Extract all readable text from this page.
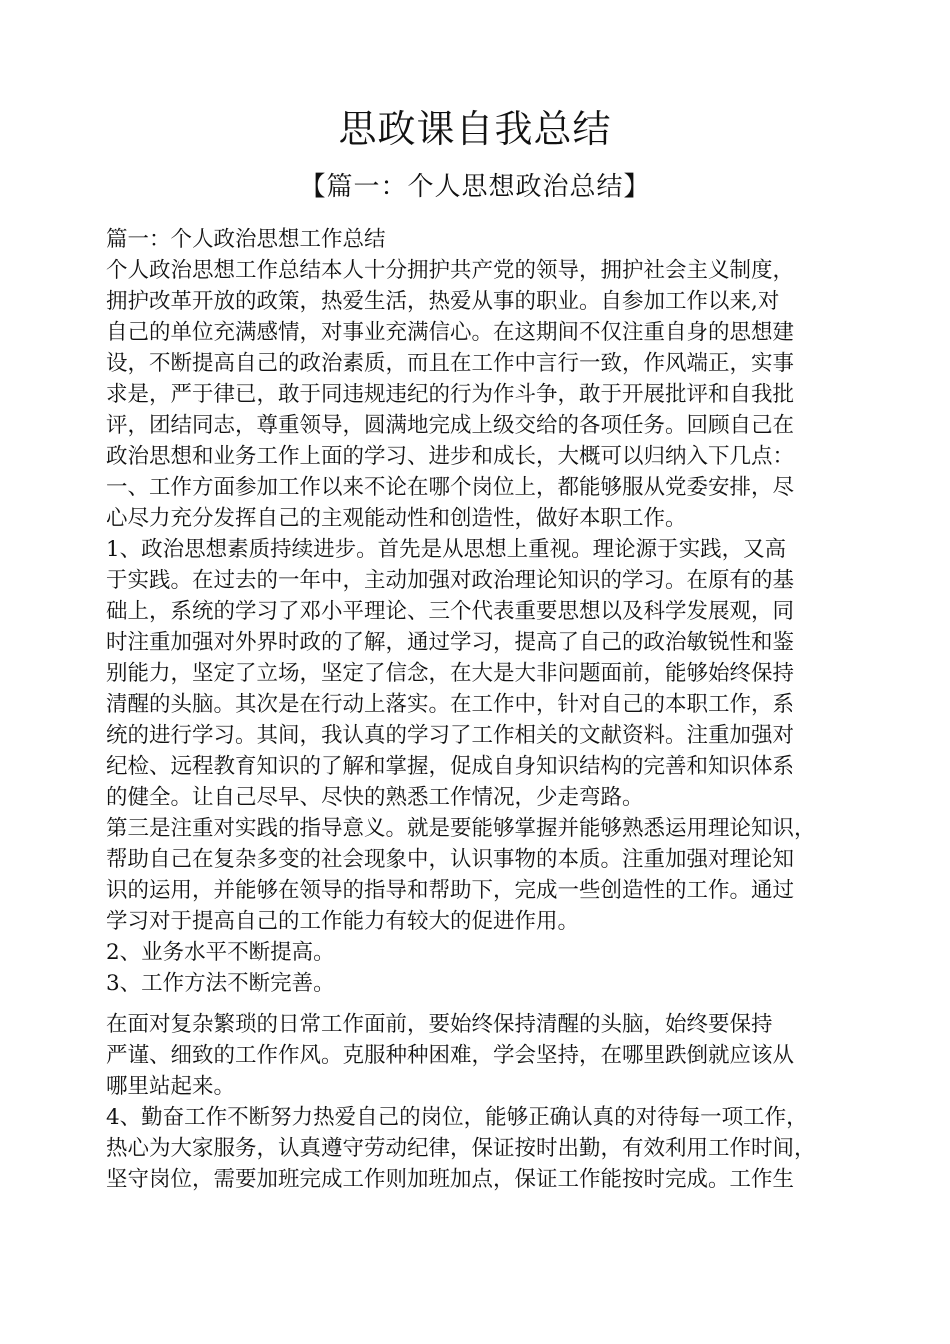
思政课自我总结
【篇一：个人思想政治总结】
篇一：个人政治思想工作总结
个人政治思想工作总结本人十分拥护共产党的领导，拥护社会主义制度，
拥护改革开放的政策，热爱生活，热爱从事的职业。自参加工作以来,对
自己的单位充满感情，对事业充满信心。在这期间不仅注重自身的思想建
设，不断提高自己的政治素质，而且在工作中言行一致，作风端正，实事
求是，严于律已，敢于同违规违纪的行为作斗争，敢于开展批评和自我批
评，团结同志，尊重领导，圆满地完成上级交给的各项任务。回顾自己在
政治思想和业务工作上面的学习、进步和成长，大概可以归纳入下几点：
一、工作方面参加工作以来不论在哪个岗位上，都能够服从党委安排，尽
心尽力充分发挥自己的主观能动性和创造性，做好本职工作。
1、政治思想素质持续进步。首先是从思想上重视。理论源于实践，又高
于实践。在过去的一年中，主动加强对政治理论知识的学习。在原有的基
础上，系统的学习了邓小平理论、三个代表重要思想以及科学发展观，同
时注重加强对外界时政的了解，通过学习，提高了自己的政治敏锐性和鉴
别能力，坚定了立场，坚定了信念，在大是大非问题面前，能够始终保持
清醒的头脑。其次是在行动上落实。在工作中，针对自己的本职工作，系
统的进行学习。其间，我认真的学习了工作相关的文献资料。注重加强对
纪检、远程教育知识的了解和掌握，促成自身知识结构的完善和知识体系
的健全。让自己尽早、尽快的熟悉工作情况，少走弯路。
第三是注重对实践的指导意义。就是要能够掌握并能够熟悉运用理论知识，
帮助自己在复杂多变的社会现象中，认识事物的本质。注重加强对理论知
识的运用，并能够在领导的指导和帮助下，完成一些创造性的工作。通过
学习对于提高自己的工作能力有较大的促进作用。
2、业务水平不断提高。
3、工作方法不断完善。
在面对复杂繁琐的日常工作面前，要始终保持清醒的头脑，始终要保持
严谨、细致的工作作风。克服种种困难，学会坚持，在哪里跌倒就应该从
哪里站起来。
4、勤奋工作不断努力热爱自己的岗位，能够正确认真的对待每一项工作，
热心为大家服务，认真遵守劳动纪律，保证按时出勤，有效利用工作时间，
坚守岗位，需要加班完成工作则加班加点，保证工作能按时完成。工作生
